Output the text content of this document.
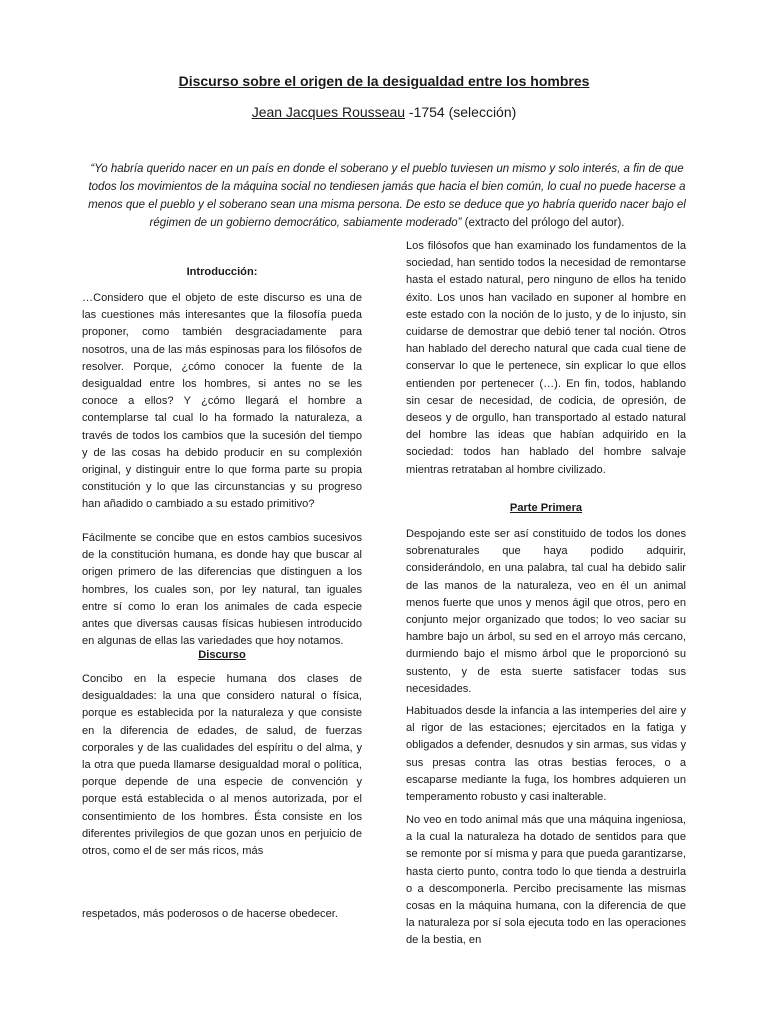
Discurso sobre el origen de la desigualdad entre los hombres

Jean Jacques Rousseau -1754 (selección)

“Yo habría querido nacer en un país en donde el soberano y el pueblo tuviesen un mismo y solo interés, a fin de que todos los movimientos de la máquina social no tendiesen jamás que hacia el bien común, lo cual no puede hacerse a menos que el pueblo y el soberano sean una misma persona. De esto se deduce que yo habría querido nacer bajo el régimen de un gobierno democrático, sabiamente moderado” (extracto del prólogo del autor).

Introducción:

…Considero que el objeto de este discurso es una de las cuestiones más interesantes que la filosofía pueda proponer, como también desgraciadamente para nosotros, una de las más espinosas para los filósofos de resolver. Porque, ¿cómo conocer la fuente de la desigualdad entre los hombres, si antes no se les conoce a ellos? Y ¿cómo llegará el hombre a contemplarse tal cual lo ha formado la naturaleza, a través de todos los cambios que la sucesión del tiempo y de las cosas ha debido producir en su complexión original, y distinguir entre lo que forma parte su propia constitución y lo que las circunstancias y su progreso han añadido o cambiado a su estado primitivo?

Fácilmente se concibe que en estos cambios sucesivos de la constitución humana, es donde hay que buscar al origen primero de las diferencias que distinguen a los hombres, los cuales son, por ley natural, tan iguales entre sí como lo eran los animales de cada especie antes que diversas causas físicas hubiesen introducido en algunas de ellas las variedades que hoy notamos.

Discurso

Concibo en la especie humana dos clases de desigualdades: la una que considero natural o física, porque es establecida por la naturaleza y que consiste en la diferencia de edades, de salud, de fuerzas corporales y de las cualidades del espíritu o del alma, y la otra que pueda llamarse desigualdad moral o política, porque depende de una especie de convención y porque está establecida o al menos autorizada, por el consentimiento de los hombres. Ésta consiste en los diferentes privilegios de que gozan unos en perjuicio de otros, como el de ser más ricos, más

respetados, más poderosos o de hacerse obedecer.

Los filósofos que han examinado los fundamentos de la sociedad, han sentido todos la necesidad de remontarse hasta el estado natural, pero ninguno de ellos ha tenido éxito. Los unos han vacilado en suponer al hombre en este estado con la noción de lo justo, y de lo injusto, sin cuidarse de demostrar que debió tener tal noción. Otros han hablado del derecho natural que cada cual tiene de conservar lo que le pertenece, sin explicar lo que ellos entienden por pertenecer (…). En fin, todos, hablando sin cesar de necesidad, de codicia, de opresión, de deseos y de orgullo, han transportado al estado natural del hombre las ideas que habían adquirido en la sociedad: todos han hablado del hombre salvaje mientras retrataban al hombre civilizado.

Parte Primera

Despojando este ser así constituido de todos los dones sobrenaturales que haya podido adquirir, considerándolo, en una palabra, tal cual ha debido salir de las manos de la naturaleza, veo en él un animal menos fuerte que unos y menos ágil que otros, pero en conjunto mejor organizado que todos; lo veo saciar su hambre bajo un árbol, su sed en el arroyo más cercano, durmiendo bajo el mismo árbol que le proporcionó su sustento, y de esta suerte satisfacer todas sus necesidades.

Habituados desde la infancia a las intemperies del aire y al rigor de las estaciones; ejercitados en la fatiga y obligados a defender, desnudos y sin armas, sus vidas y sus presas contra las otras bestias feroces, o a escaparse mediante la fuga, los hombres adquieren un temperamento robusto y casi inalterable.

No veo en todo animal más que una máquina ingeniosa, a la cual la naturaleza ha dotado de sentidos para que se remonte por sí misma y para que pueda garantizarse, hasta cierto punto, contra todo lo que tienda a destruirla o a descomponerla. Percibo precisamente las mismas cosas en la máquina humana, con la diferencia de que la naturaleza por sí sola ejecuta todo en las operaciones de la bestia, en
